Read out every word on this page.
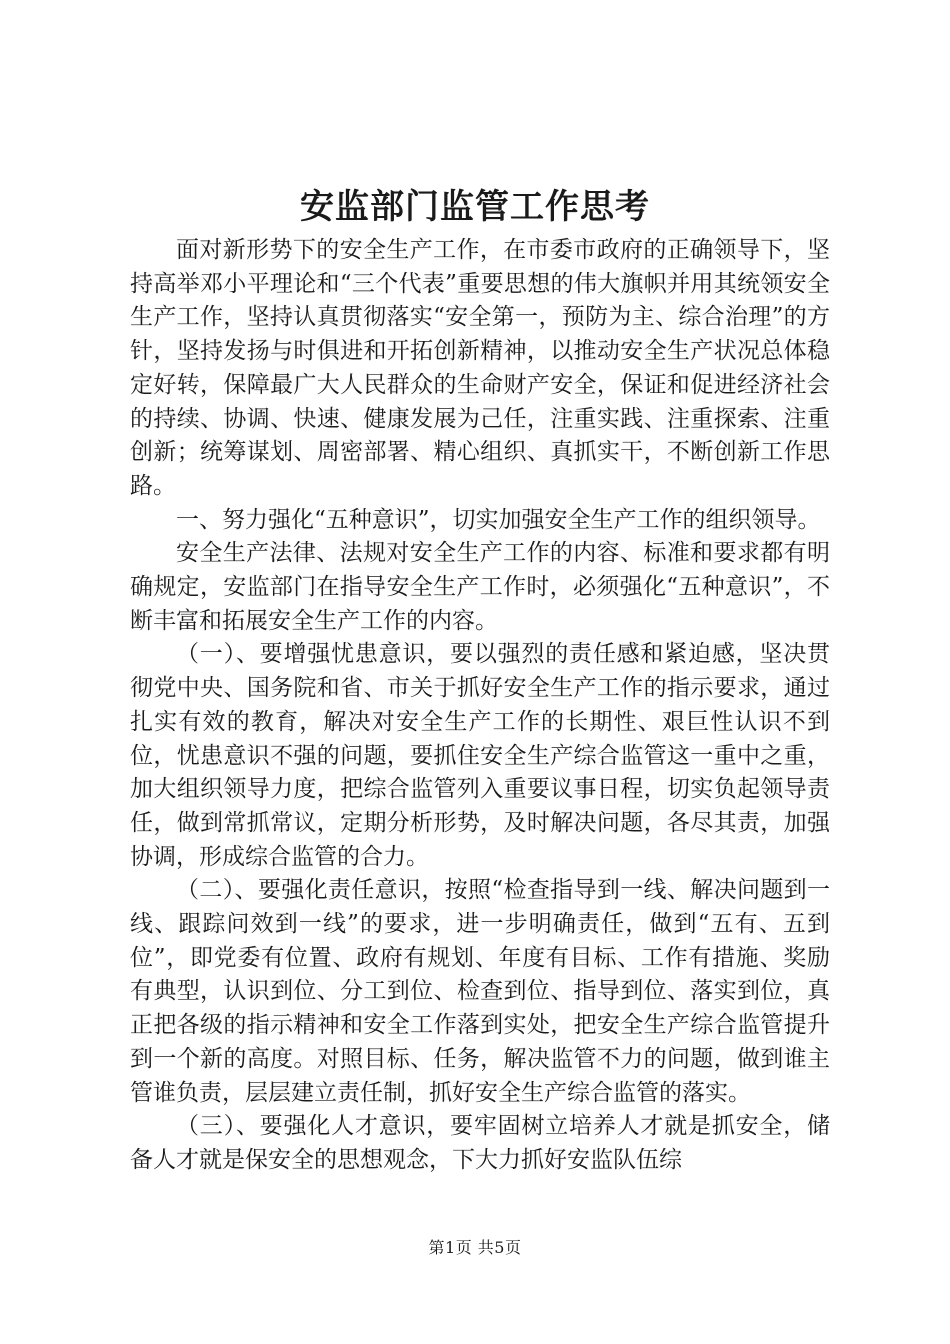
安监部门监管工作思考

面对新形势下的安全生产工作，在市委市政府的正确领导下，坚持高举邓小平理论和“三个代表”重要思想的伟大旗帜并用其统领安全生产工作，坚持认真贯彻落实“安全第一，预防为主、综合治理”的方针，坚持发扬与时俱进和开拓创新精神，以推动安全生产状况总体稳定好转，保障最广大人民群众的生命财产安全，保证和促进经济社会的持续、协调、快速、健康发展为己任，注重实践、注重探索、注重创新；统筹谋划、周密部署、精心组织、真抓实干，不断创新工作思路。

一、努力强化“五种意识”，切实加强安全生产工作的组织领导。

安全生产法律、法规对安全生产工作的内容、标准和要求都有明确规定，安监部门在指导安全生产工作时，必须强化“五种意识”，不断丰富和拓展安全生产工作的内容。

（一）、要增强忧患意识，要以强烈的责任感和紧迫感，坚决贯彻党中央、国务院和省、市关于抓好安全生产工作的指示要求，通过扎实有效的教育，解决对安全生产工作的长期性、艰巨性认识不到位，忧患意识不强的问题，要抓住安全生产综合监管这一重中之重，加大组织领导力度，把综合监管列入重要议事日程，切实负起领导责任，做到常抓常议，定期分析形势，及时解决问题，各尽其责，加强协调，形成综合监管的合力。

（二）、要强化责任意识，按照“检查指导到一线、解决问题到一线、跟踪问效到一线”的要求，进一步明确责任，做到“五有、五到位”，即党委有位置、政府有规划、年度有目标、工作有措施、奖励有典型，认识到位、分工到位、检查到位、指导到位、落实到位，真正把各级的指示精神和安全工作落到实处，把安全生产综合监管提升到一个新的高度。对照目标、任务，解决监管不力的问题，做到谁主管谁负责，层层建立责任制，抓好安全生产综合监管的落实。

（三）、要强化人才意识，要牢固树立培养人才就是抓安全，储备人才就是保安全的思想观念，下大力抓好安监队伍综

第1页 共5页
